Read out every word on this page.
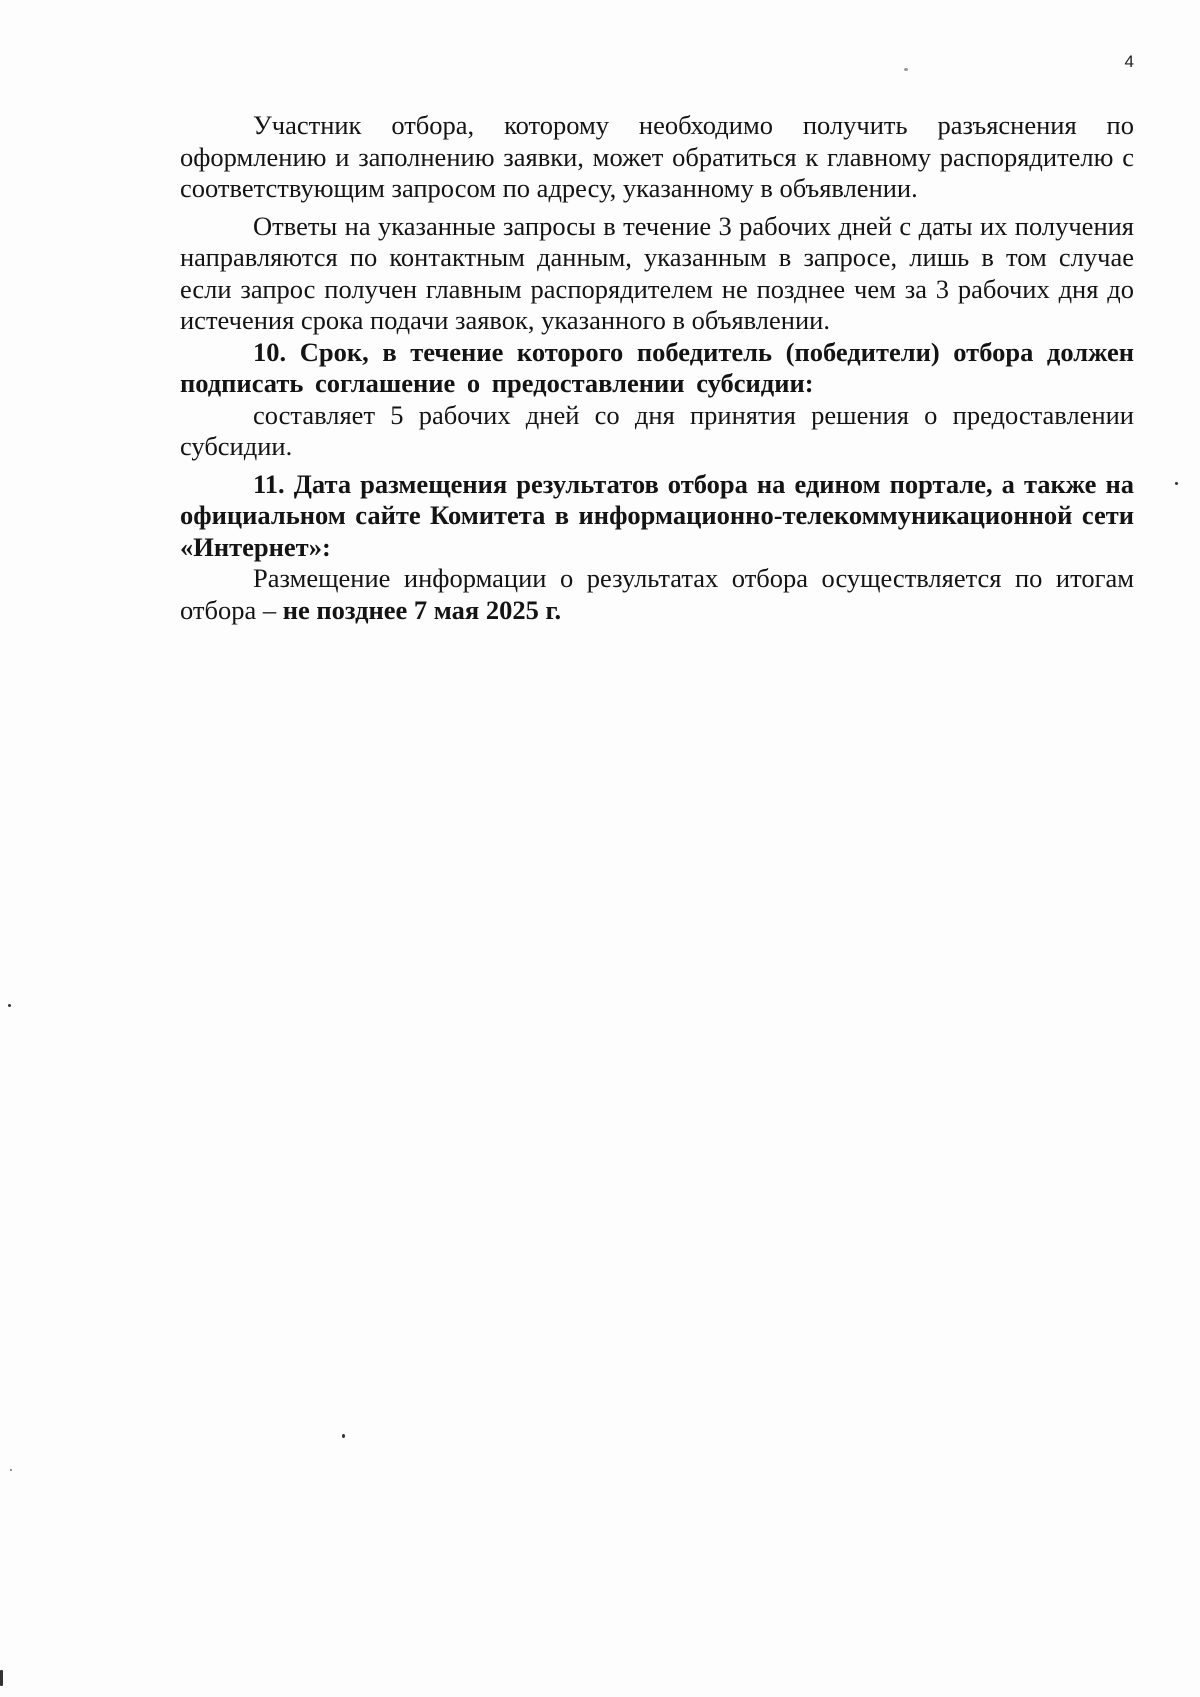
4

Участник отбора, которому необходимо получить разъяснения по оформлению и заполнению заявки, может обратиться к главному распорядителю с соответствующим запросом по адресу, указанному в объявлении.

Ответы на указанные запросы в течение 3 рабочих дней с даты их получения направляются по контактным данным, указанным в запросе, лишь в том случае если запрос получен главным распорядителем не позднее чем за 3 рабочих дня до истечения срока подачи заявок, указанного в объявлении.

10. Срок, в течение которого победитель (победители) отбора должен подписать соглашение о предоставлении субсидии:

составляет 5 рабочих дней со дня принятия решения о предоставлении субсидии.

11. Дата размещения результатов отбора на едином портале, а также на официальном сайте Комитета в информационно-телекоммуникационной сети «Интернет»:

Размещение информации о результатах отбора осуществляется по итогам отбора – не позднее 7 мая 2025 г.
